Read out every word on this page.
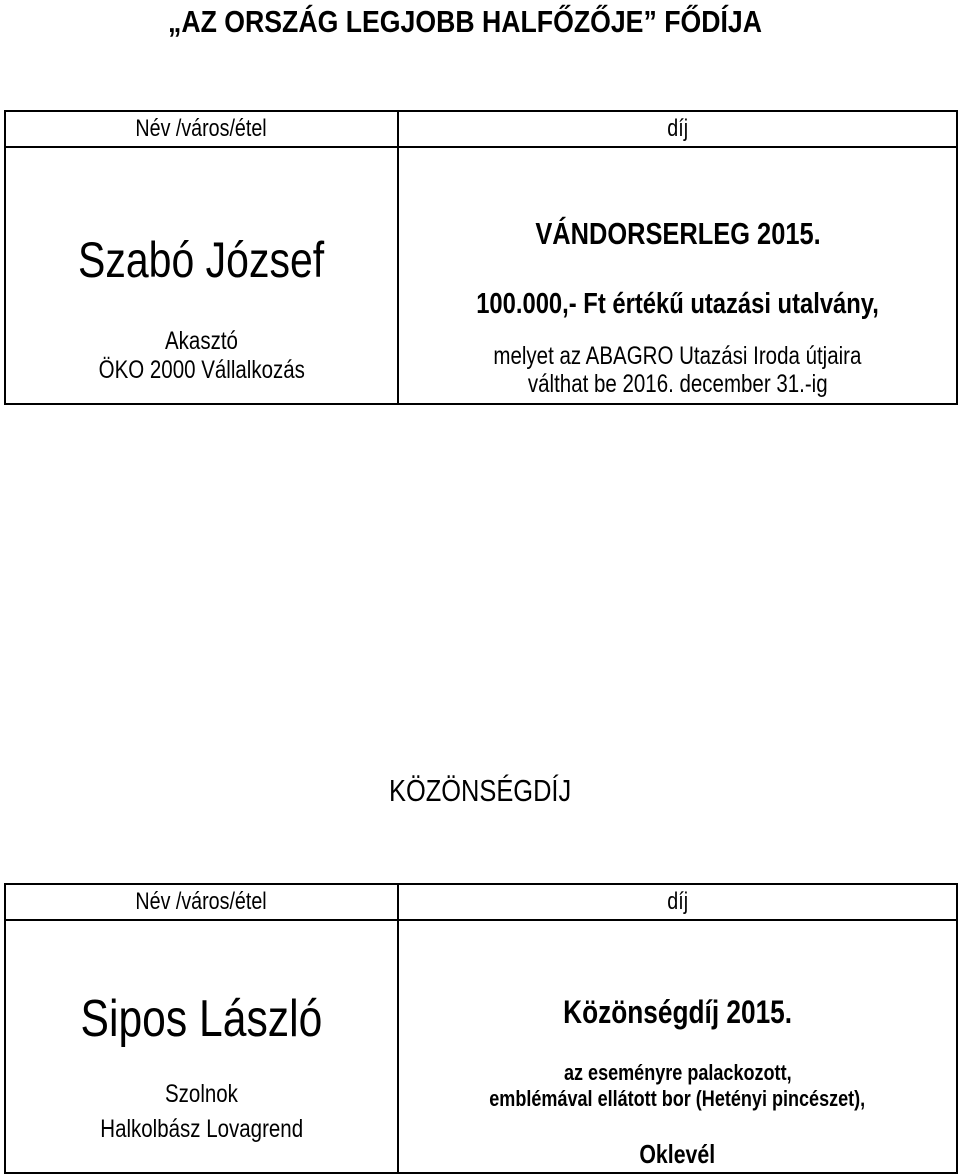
„AZ ORSZÁG LEGJOBB HALFŐZŐJE” FŐDÍJA
Név /város/étel	díj
Szabó József
Akasztó
ÖKO 2000 Vállalkozás
VÁNDORSERLEG 2015.
100.000,- Ft értékű utazási utalvány,
melyet az ABAGRO Utazási Iroda útjaira
válthat be 2016. december 31.-ig
KÖZÖNSÉGDÍJ
Név /város/étel	díj
Sipos László
Szolnok
Halkolbász Lovagrend
Közönségdíj 2015.
az eseményre palackozott,
emblémával ellátott bor (Hetényi pincészet),
Oklevél
